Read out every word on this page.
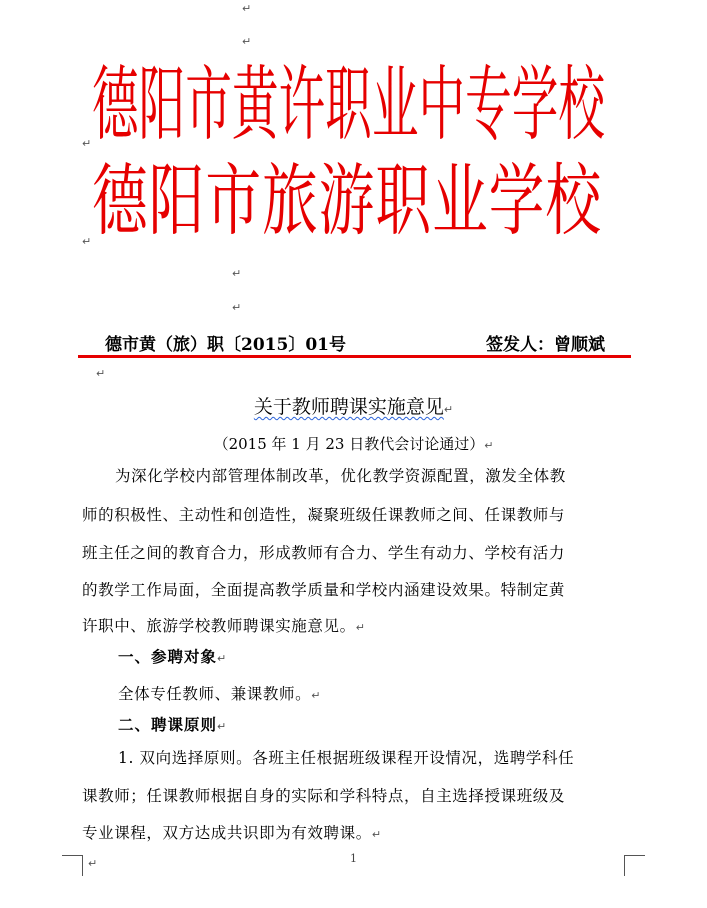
↵
↵
德阳市黄许职业中专学校
↵
德阳市旅游职业学校
↵
↵
↵
德市黄（旅）职〔2015〕01号	签发人：曾顺斌
↵
关于教师聘课实施意见↵
（2015 年 1 月 23 日教代会讨论通过）↵
为深化学校内部管理体制改革，优化教学资源配置，激发全体教
师的积极性、主动性和创造性，凝聚班级任课教师之间、任课教师与
班主任之间的教育合力，形成教师有合力、学生有动力、学校有活力
的教学工作局面，全面提高教学质量和学校内涵建设效果。特制定黄
许职中、旅游学校教师聘课实施意见。↵
一、参聘对象↵
全体专任教师、兼课教师。↵
二、聘课原则↵
1. 双向选择原则。各班主任根据班级课程开设情况，选聘学科任
课教师；任课教师根据自身的实际和学科特点，自主选择授课班级及
专业课程，双方达成共识即为有效聘课。↵
1
↵
